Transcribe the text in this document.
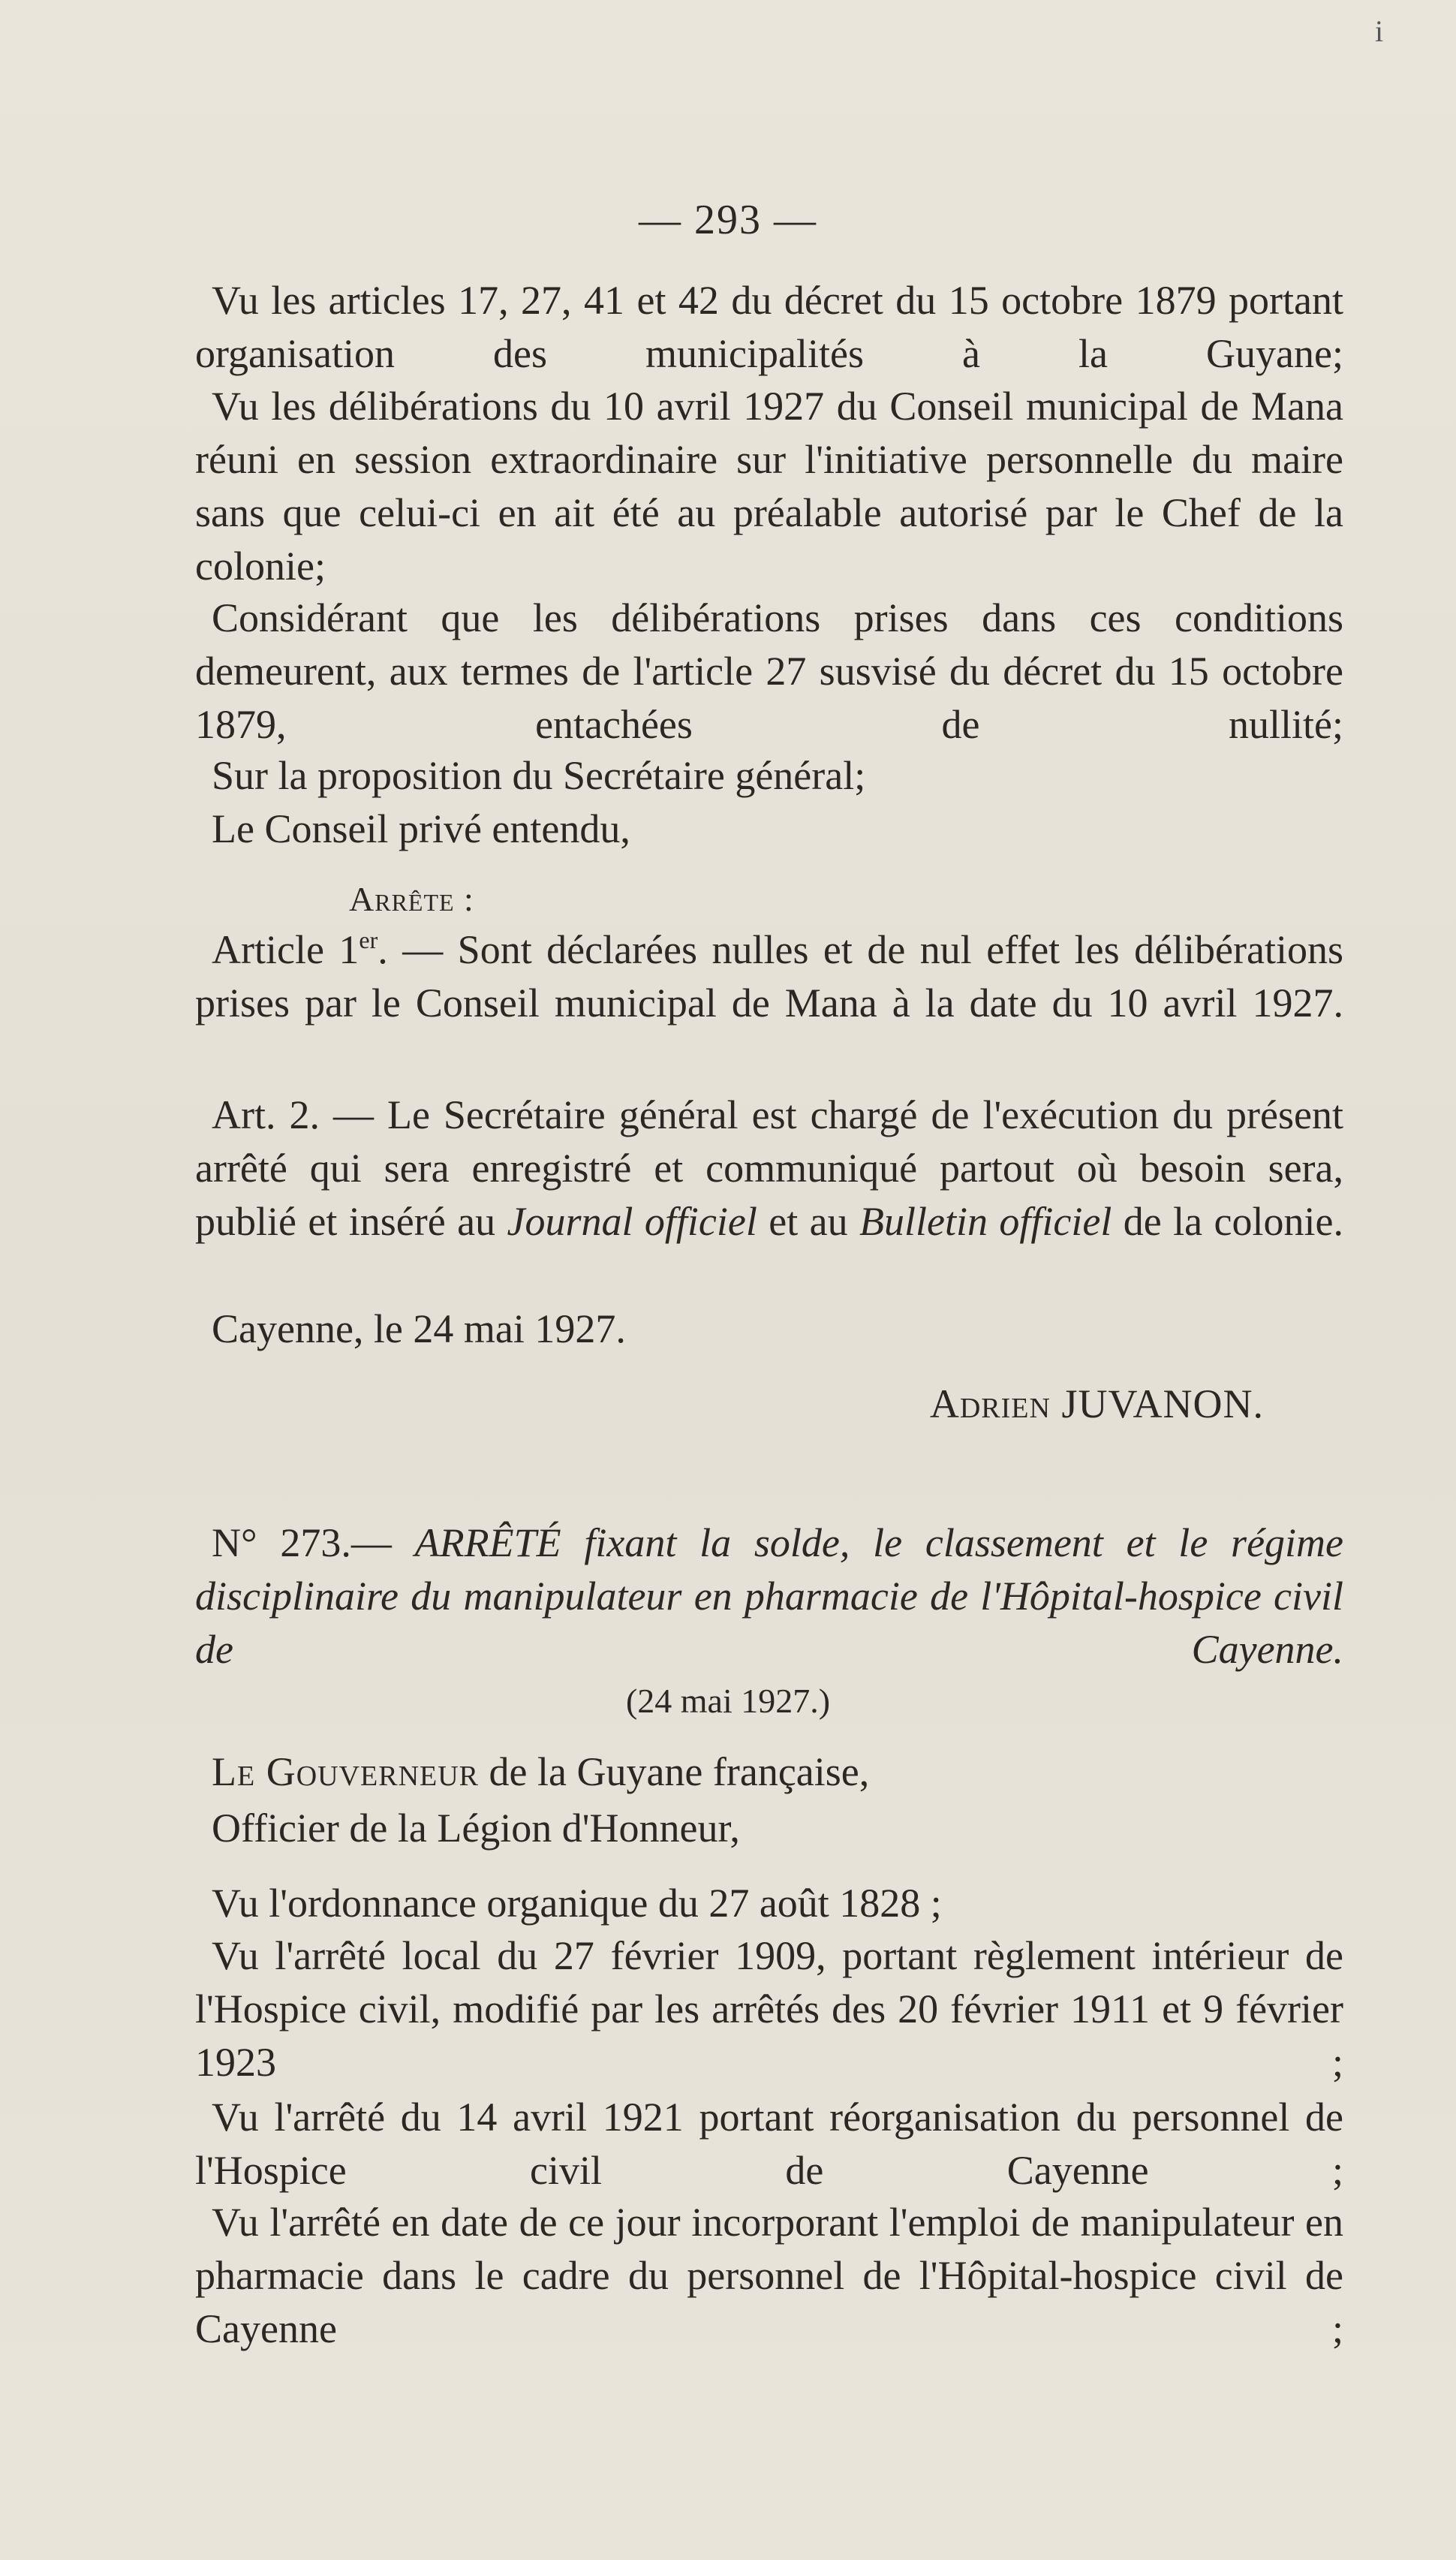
i
— 293 —

Vu les articles 17, 27, 41 et 42 du décret du 15 octobre 1879 portant organisation des municipalités à la Guyane;

Vu les délibérations du 10 avril 1927 du Conseil municipal de Mana réuni en session extraordinaire sur l'initiative personnelle du maire sans que celui-ci en ait été au préalable autorisé par le Chef de la colonie;

Considérant que les délibérations prises dans ces conditions demeurent, aux termes de l'article 27 susvisé du décret du 15 octobre 1879, entachées de nullité;

Sur la proposition du Secrétaire général;

Le Conseil privé entendu,

Arrête :

Article 1er. — Sont déclarées nulles et de nul effet les délibérations prises par le Conseil municipal de Mana à la date du 10 avril 1927.

Art. 2. — Le Secrétaire général est chargé de l'exécution du présent arrêté qui sera enregistré et communiqué partout où besoin sera, publié et inséré au Journal officiel et au Bulletin officiel de la colonie.

Cayenne, le 24 mai 1927.

Adrien JUVANON.

N° 273.— ARRÊTÉ fixant la solde, le classement et le régime disciplinaire du manipulateur en pharmacie de l'Hôpital-hospice civil de Cayenne.

(24 mai 1927.)

Le Gouverneur de la Guyane française,

Officier de la Légion d'Honneur,

Vu l'ordonnance organique du 27 août 1828 ;

Vu l'arrêté local du 27 février 1909, portant règlement intérieur de l'Hospice civil, modifié par les arrêtés des 20 février 1911 et 9 février 1923 ;

Vu l'arrêté du 14 avril 1921 portant réorganisation du personnel de l'Hospice civil de Cayenne ;

Vu l'arrêté en date de ce jour incorporant l'emploi de manipulateur en pharmacie dans le cadre du personnel de l'Hôpital-hospice civil de Cayenne ;
